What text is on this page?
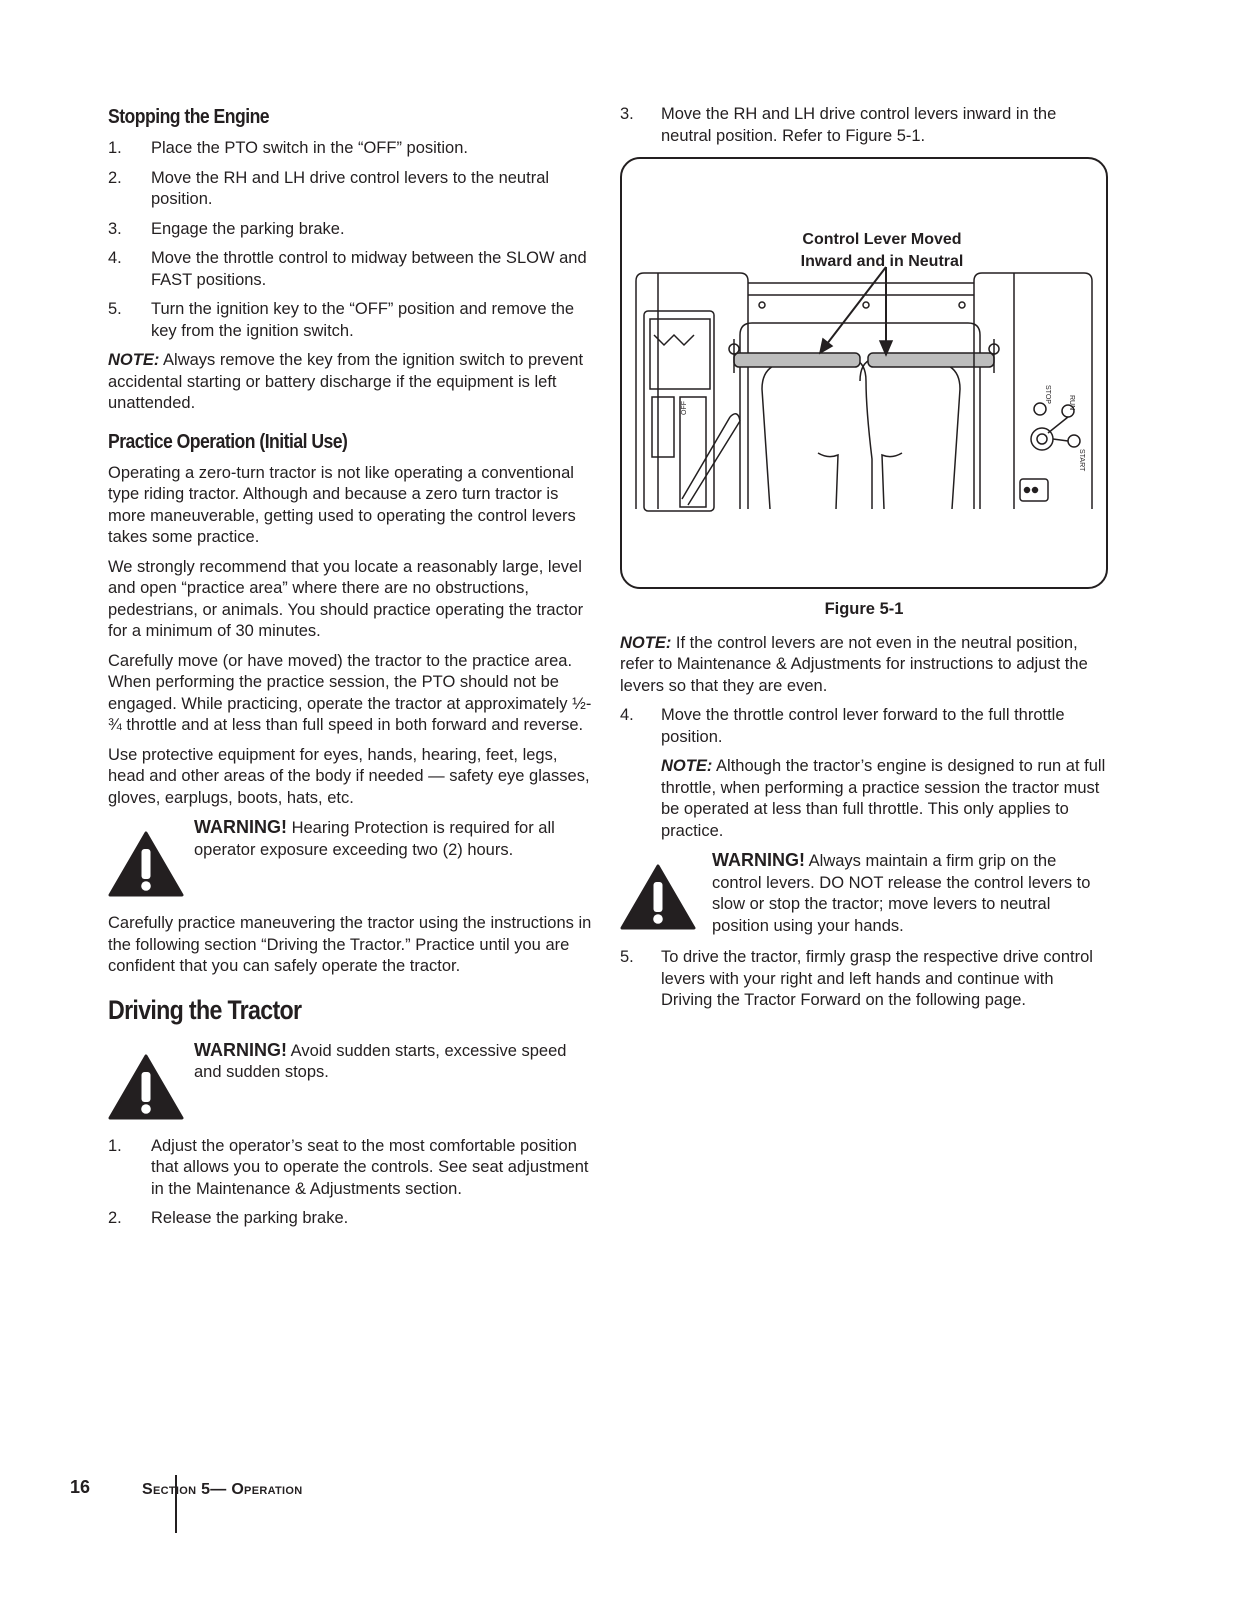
Stopping the Engine
1. Place the PTO switch in the “OFF” position.
2. Move the RH and LH drive control levers to the neutral position.
3. Engage the parking brake.
4. Move the throttle control to midway between the SLOW and FAST positions.
5. Turn the ignition key to the “OFF” position and remove the key from the ignition switch.

NOTE: Always remove the key from the ignition switch to prevent accidental starting or battery discharge if the equipment is left unattended.

Practice Operation (Initial Use)

Operating a zero-turn tractor is not like operating a conventional type riding tractor. Although and because a zero turn tractor is more maneuverable, getting used to operating the control levers takes some practice.

We strongly recommend that you locate a reasonably large, level and open “practice area” where there are no obstructions, pedestrians, or animals. You should practice operating the tractor for a minimum of 30 minutes.

Carefully move (or have moved) the tractor to the practice area. When performing the practice session, the PTO should not be engaged. While practicing, operate the tractor at approximately ½-¾ throttle and at less than full speed in both forward and reverse.

Use protective equipment for eyes, hands, hearing, feet, legs, head and other areas of the body if needed — safety eye glasses, gloves, earplugs, boots, hats, etc.

WARNING! Hearing Protection is required for all operator exposure exceeding two (2) hours.

Carefully practice maneuvering the tractor using the instructions in the following section “Driving the Tractor.” Practice until you are confident that you can safely operate the tractor.

Driving the Tractor
WARNING! Avoid sudden starts, excessive speed and sudden stops.
1. Adjust the operator’s seat to the most comfortable position that allows you to operate the controls. See seat adjustment in the Maintenance & Adjustments section.
2. Release the parking brake.
3. Move the RH and LH drive control levers inward in the neutral position. Refer to Figure 5-1.
Control Lever Moved
Inward and in Neutral
OFF
STOP RUN
START
Figure 5-1

NOTE: If the control levers are not even in the neutral position, refer to Maintenance & Adjustments for instructions to adjust the levers so that they are even.

4. Move the throttle control lever forward to the full throttle position.

NOTE: Although the tractor’s engine is designed to run at full throttle, when performing a practice session the tractor must be operated at less than full throttle. This only applies to practice.

WARNING! Always maintain a firm grip on the control levers. DO NOT release the control levers to slow or stop the tractor; move levers to neutral position using your hands.
5. To drive the tractor, firmly grasp the respective drive control levers with your right and left hands and continue with Driving the Tractor Forward on the following page.
16	Section 5— Operation
